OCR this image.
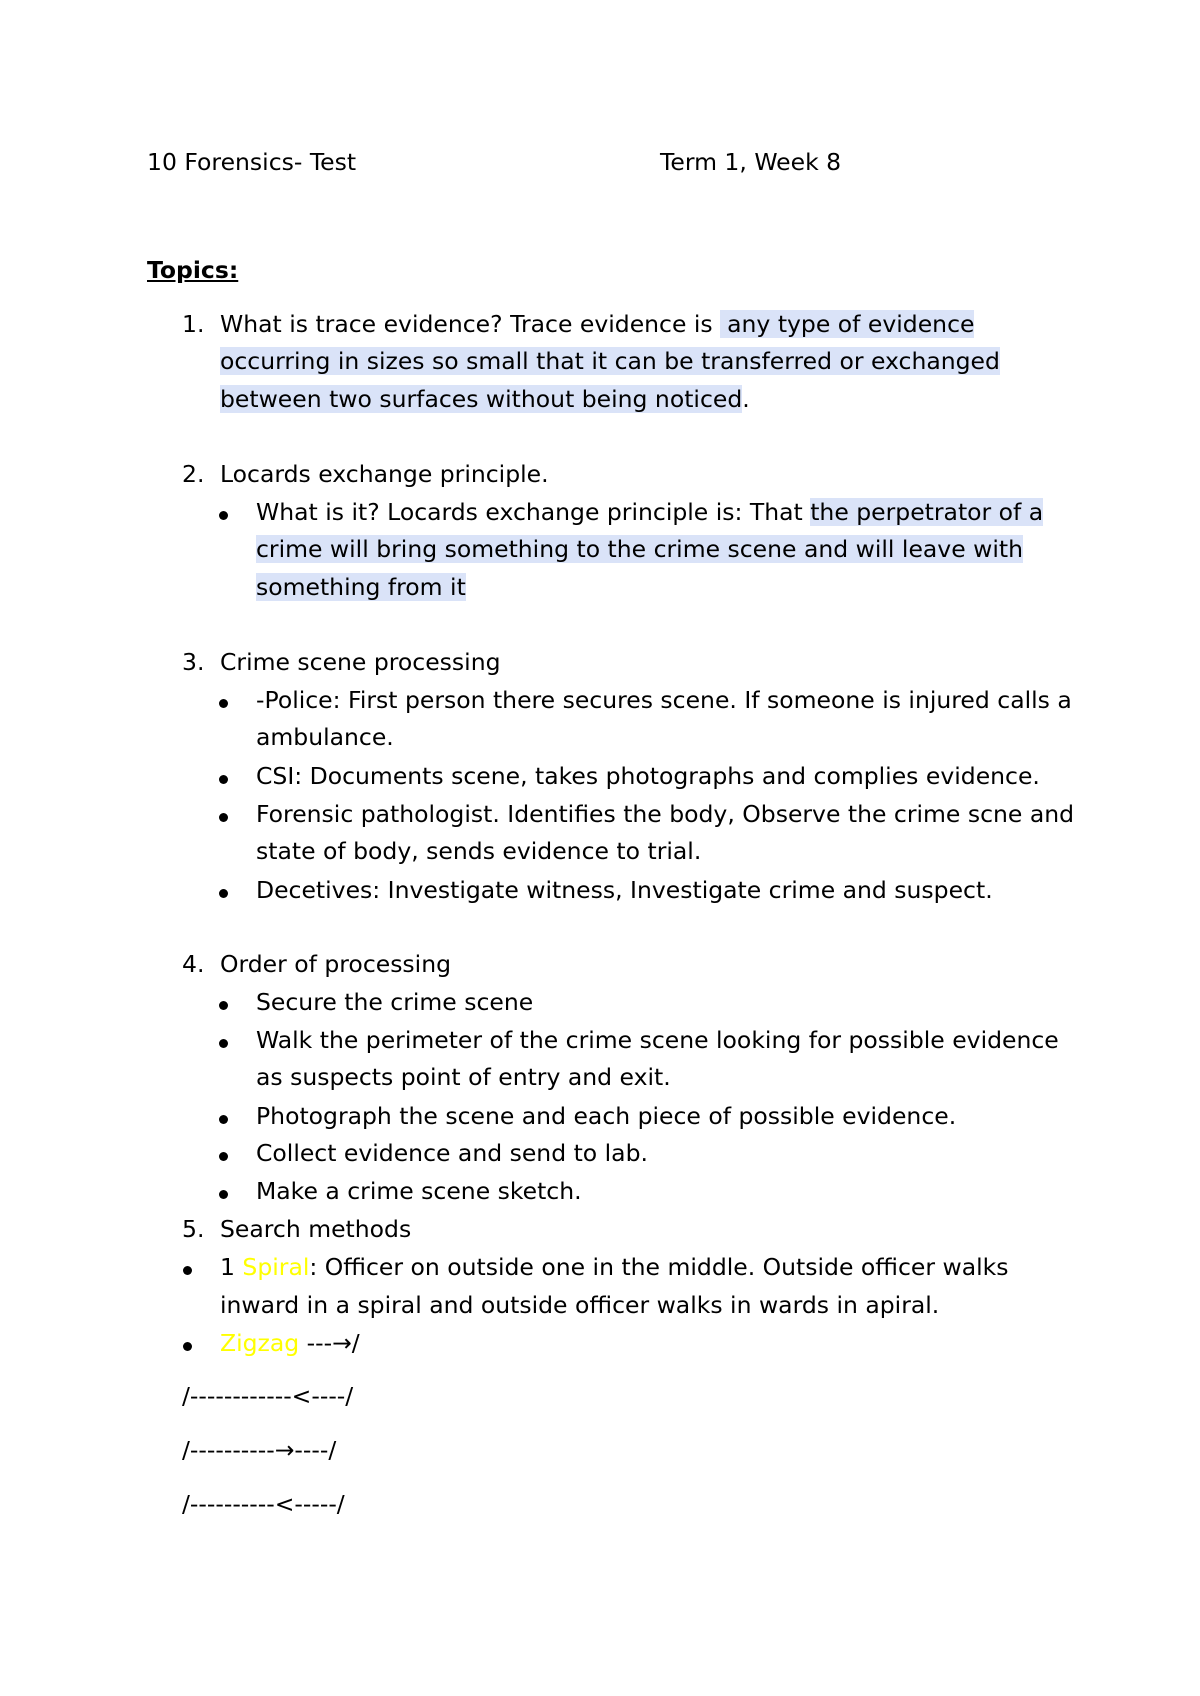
10 Forensics- Test	Term 1, Week 8
Topics:
1. What is trace evidence? Trace evidence is any type of evidence
occurring in sizes so small that it can be transferred or exchanged
between two surfaces without being noticed.
2. Locards exchange principle.
What is it? Locards exchange principle is: That the perpetrator of a
crime will bring something to the crime scene and will leave with
something from it
3. Crime scene processing
-Police: First person there secures scene. If someone is injured calls a
ambulance.
CSI: Documents scene, takes photographs and complies evidence.
Forensic pathologist. Identifies the body, Observe the crime scne and
state of body, sends evidence to trial.
Decetives: Investigate witness, Investigate crime and suspect.
4. Order of processing
Secure the crime scene
Walk the perimeter of the crime scene looking for possible evidence
as suspects point of entry and exit.
Photograph the scene and each piece of possible evidence.
Collect evidence and send to lab.
Make a crime scene sketch.
5. Search methods
1 Spiral: Officer on outside one in the middle. Outside officer walks
inward in a spiral and outside officer walks in wards in apiral.
Zigzag ---→/
/------------<----/
/----------→----/
/----------<-----/
